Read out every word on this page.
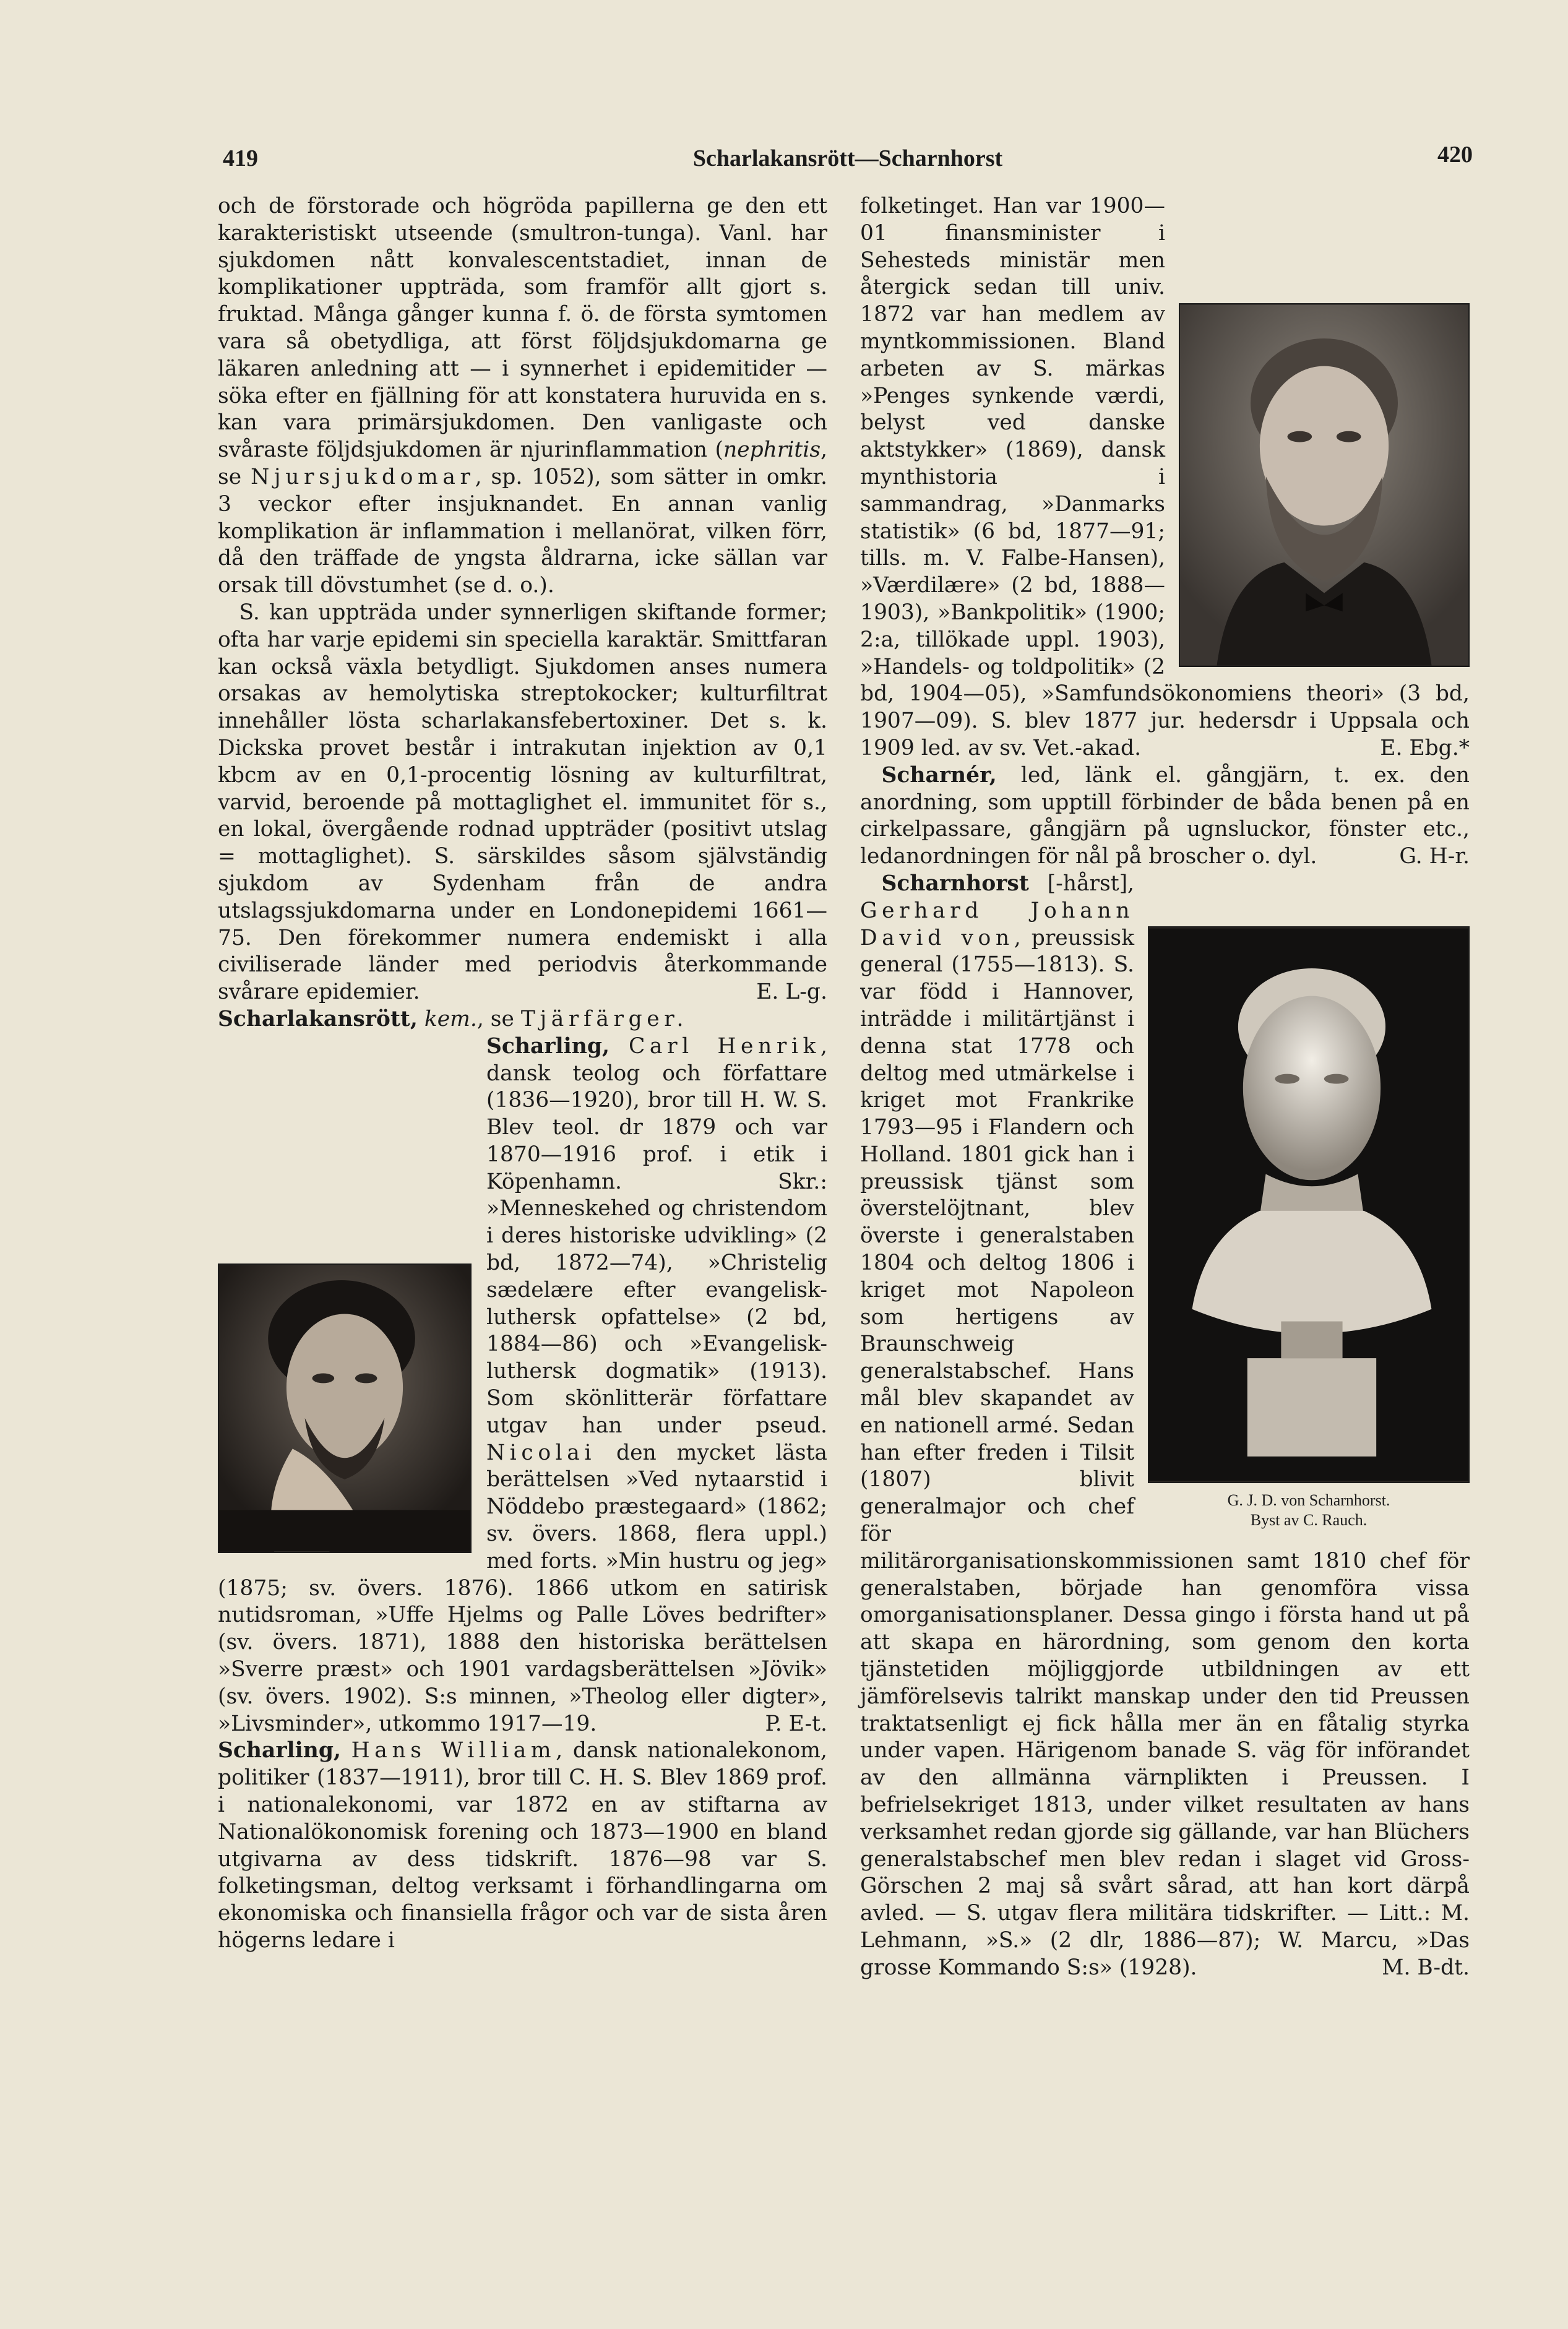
419	Scharlakansrött—Scharnhorst	420

och de förstorade och högröda papillerna ge den ett karakteristiskt utseende (smultron-tunga). Vanl. har sjukdomen nått konvalescentstadiet, innan de komplikationer uppträda, som framför allt gjort s. fruktad. Många gånger kunna f. ö. de första symtomen vara så obetydliga, att först följdsjukdomarna ge läkaren anledning att — i synnerhet i epidemitider — söka efter en fjällning för att konstatera huruvida en s. kan vara primärsjukdomen. Den vanligaste och svåraste följdsjukdomen är njurinflammation (nephritis, se Njursjukdomar, sp. 1052), som sätter in omkr. 3 veckor efter insjuknandet. En annan vanlig komplikation är inflammation i mellanörat, vilken förr, då den träffade de yngsta åldrarna, icke sällan var orsak till dövstumhet (se d. o.).

 S. kan uppträda under synnerligen skiftande former; ofta har varje epidemi sin speciella karaktär. Smittfaran kan också växla betydligt. Sjukdomen anses numera orsakas av hemolytiska streptokocker; kulturfiltrat innehåller lösta scharlakansfebertoxiner. Det s. k. Dickska provet består i intrakutan injektion av 0,1 kbcm av en 0,1-procentig lösning av kulturfiltrat, varvid, beroende på mottaglighet el. immunitet för s., en lokal, övergående rodnad uppträder (positivt utslag = mottaglighet). S. särskildes såsom självständig sjukdom av Sydenham från de andra utslagssjukdomarna under en Londonepidemi 1661—75. Den förekommer numera endemiskt i alla civiliserade länder med periodvis återkommande svårare epidemier.	E. L-g.

Scharlakansrött, kem., se Tjärfärger.

Scharling, Carl Henrik, dansk teolog och författare (1836—1920), bror till H. W. S. Blev teol. dr 1879 och var 1870—1916 prof. i etik i Köpenhamn. Skr.: »Menneskehed og christendom i deres historiske udvikling» (2 bd, 1872—74), »Christelig sædelære efter evangelisk-luthersk opfattelse» (2 bd, 1884—86) och »Evangelisk-luthersk dogmatik» (1913). Som skönlitterär författare utgav han under pseud. Nicolai den mycket lästa berättelsen »Ved nytaarstid i Nöddebo præstegaard» (1862; sv. övers. 1868, flera uppl.) med forts. »Min hustru og jeg» (1875; sv. övers. 1876). 1866 utkom en satirisk nutidsroman, »Uffe Hjelms og Palle Löves bedrifter» (sv. övers. 1871), 1888 den historiska berättelsen »Sverre præst» och 1901 vardagsberättelsen »Jövik» (sv. övers. 1902). S:s minnen, »Theolog eller digter», »Livsminder», utkommo 1917—19.	P. E-t.

Scharling, Hans William, dansk nationalekonom, politiker (1837—1911), bror till C. H. S. Blev 1869 prof. i nationalekonomi, var 1872 en av stiftarna av Nationalökonomisk forening och 1873—1900 en bland utgivarna av dess tidskrift. 1876—98 var S. folketingsman, deltog verksamt i förhandlingarna om ekonomiska och finansiella frågor och var de sista åren högerns ledare i

folketinget. Han var 1900—01 finansminister i Sehesteds ministär men återgick sedan till univ. 1872 var han medlem av myntkommissionen. Bland arbeten av S. märkas »Penges synkende værdi, belyst ved danske aktstykker» (1869), dansk mynthistoria i sammandrag, »Danmarks statistik» (6 bd, 1877—91; tills. m. V. Falbe-Hansen), »Værdilære» (2 bd, 1888—1903), »Bankpolitik» (1900; 2:a, tillökade uppl. 1903), »Handels- og toldpolitik» (2 bd, 1904—05), »Samfundsökonomiens theori» (3 bd, 1907—09). S. blev 1877 jur. hedersdr i Uppsala och 1909 led. av sv. Vet.-akad.	E. Ebg.*

 Scharnér, led, länk el. gångjärn, t. ex. den anordning, som upptill förbinder de båda benen på en cirkelpassare, gångjärn på ugnsluckor, fönster etc., ledanordningen för nål på broscher o. dyl.	G. H-r.

G. J. D. von Scharnhorst.
Byst av C. Rauch.

 Scharnhorst [-hårst], Gerhard Johann David von, preussisk general (1755—1813). S. var född i Hannover, inträdde i militärtjänst i denna stat 1778 och deltog med utmärkelse i kriget mot Frankrike 1793—95 i Flandern och Holland. 1801 gick han i preussisk tjänst som överstelöjtnant, blev överste i generalstaben 1804 och deltog 1806 i kriget mot Napoleon som hertigens av Braunschweig generalstabschef. Hans mål blev skapandet av en nationell armé. Sedan han efter freden i Tilsit (1807) blivit generalmajor och chef för militärorganisationskommissionen samt 1810 chef för generalstaben, började han genomföra vissa omorganisationsplaner. Dessa gingo i första hand ut på att skapa en härordning, som genom den korta tjänstetiden möjliggjorde utbildningen av ett jämförelsevis talrikt manskap under den tid Preussen traktatsenligt ej fick hålla mer än en fåtalig styrka under vapen. Härigenom banade S. väg för införandet av den allmänna värnplikten i Preussen. I befrielsekriget 1813, under vilket resultaten av hans verksamhet redan gjorde sig gällande, var han Blüchers generalstabschef men blev redan i slaget vid Gross-Görschen 2 maj så svårt sårad, att han kort därpå avled. — S. utgav flera militära tidskrifter. — Litt.: M. Lehmann, »S.» (2 dlr, 1886—87); W. Marcu, »Das grosse Kommando S:s» (1928).	M. B-dt.
